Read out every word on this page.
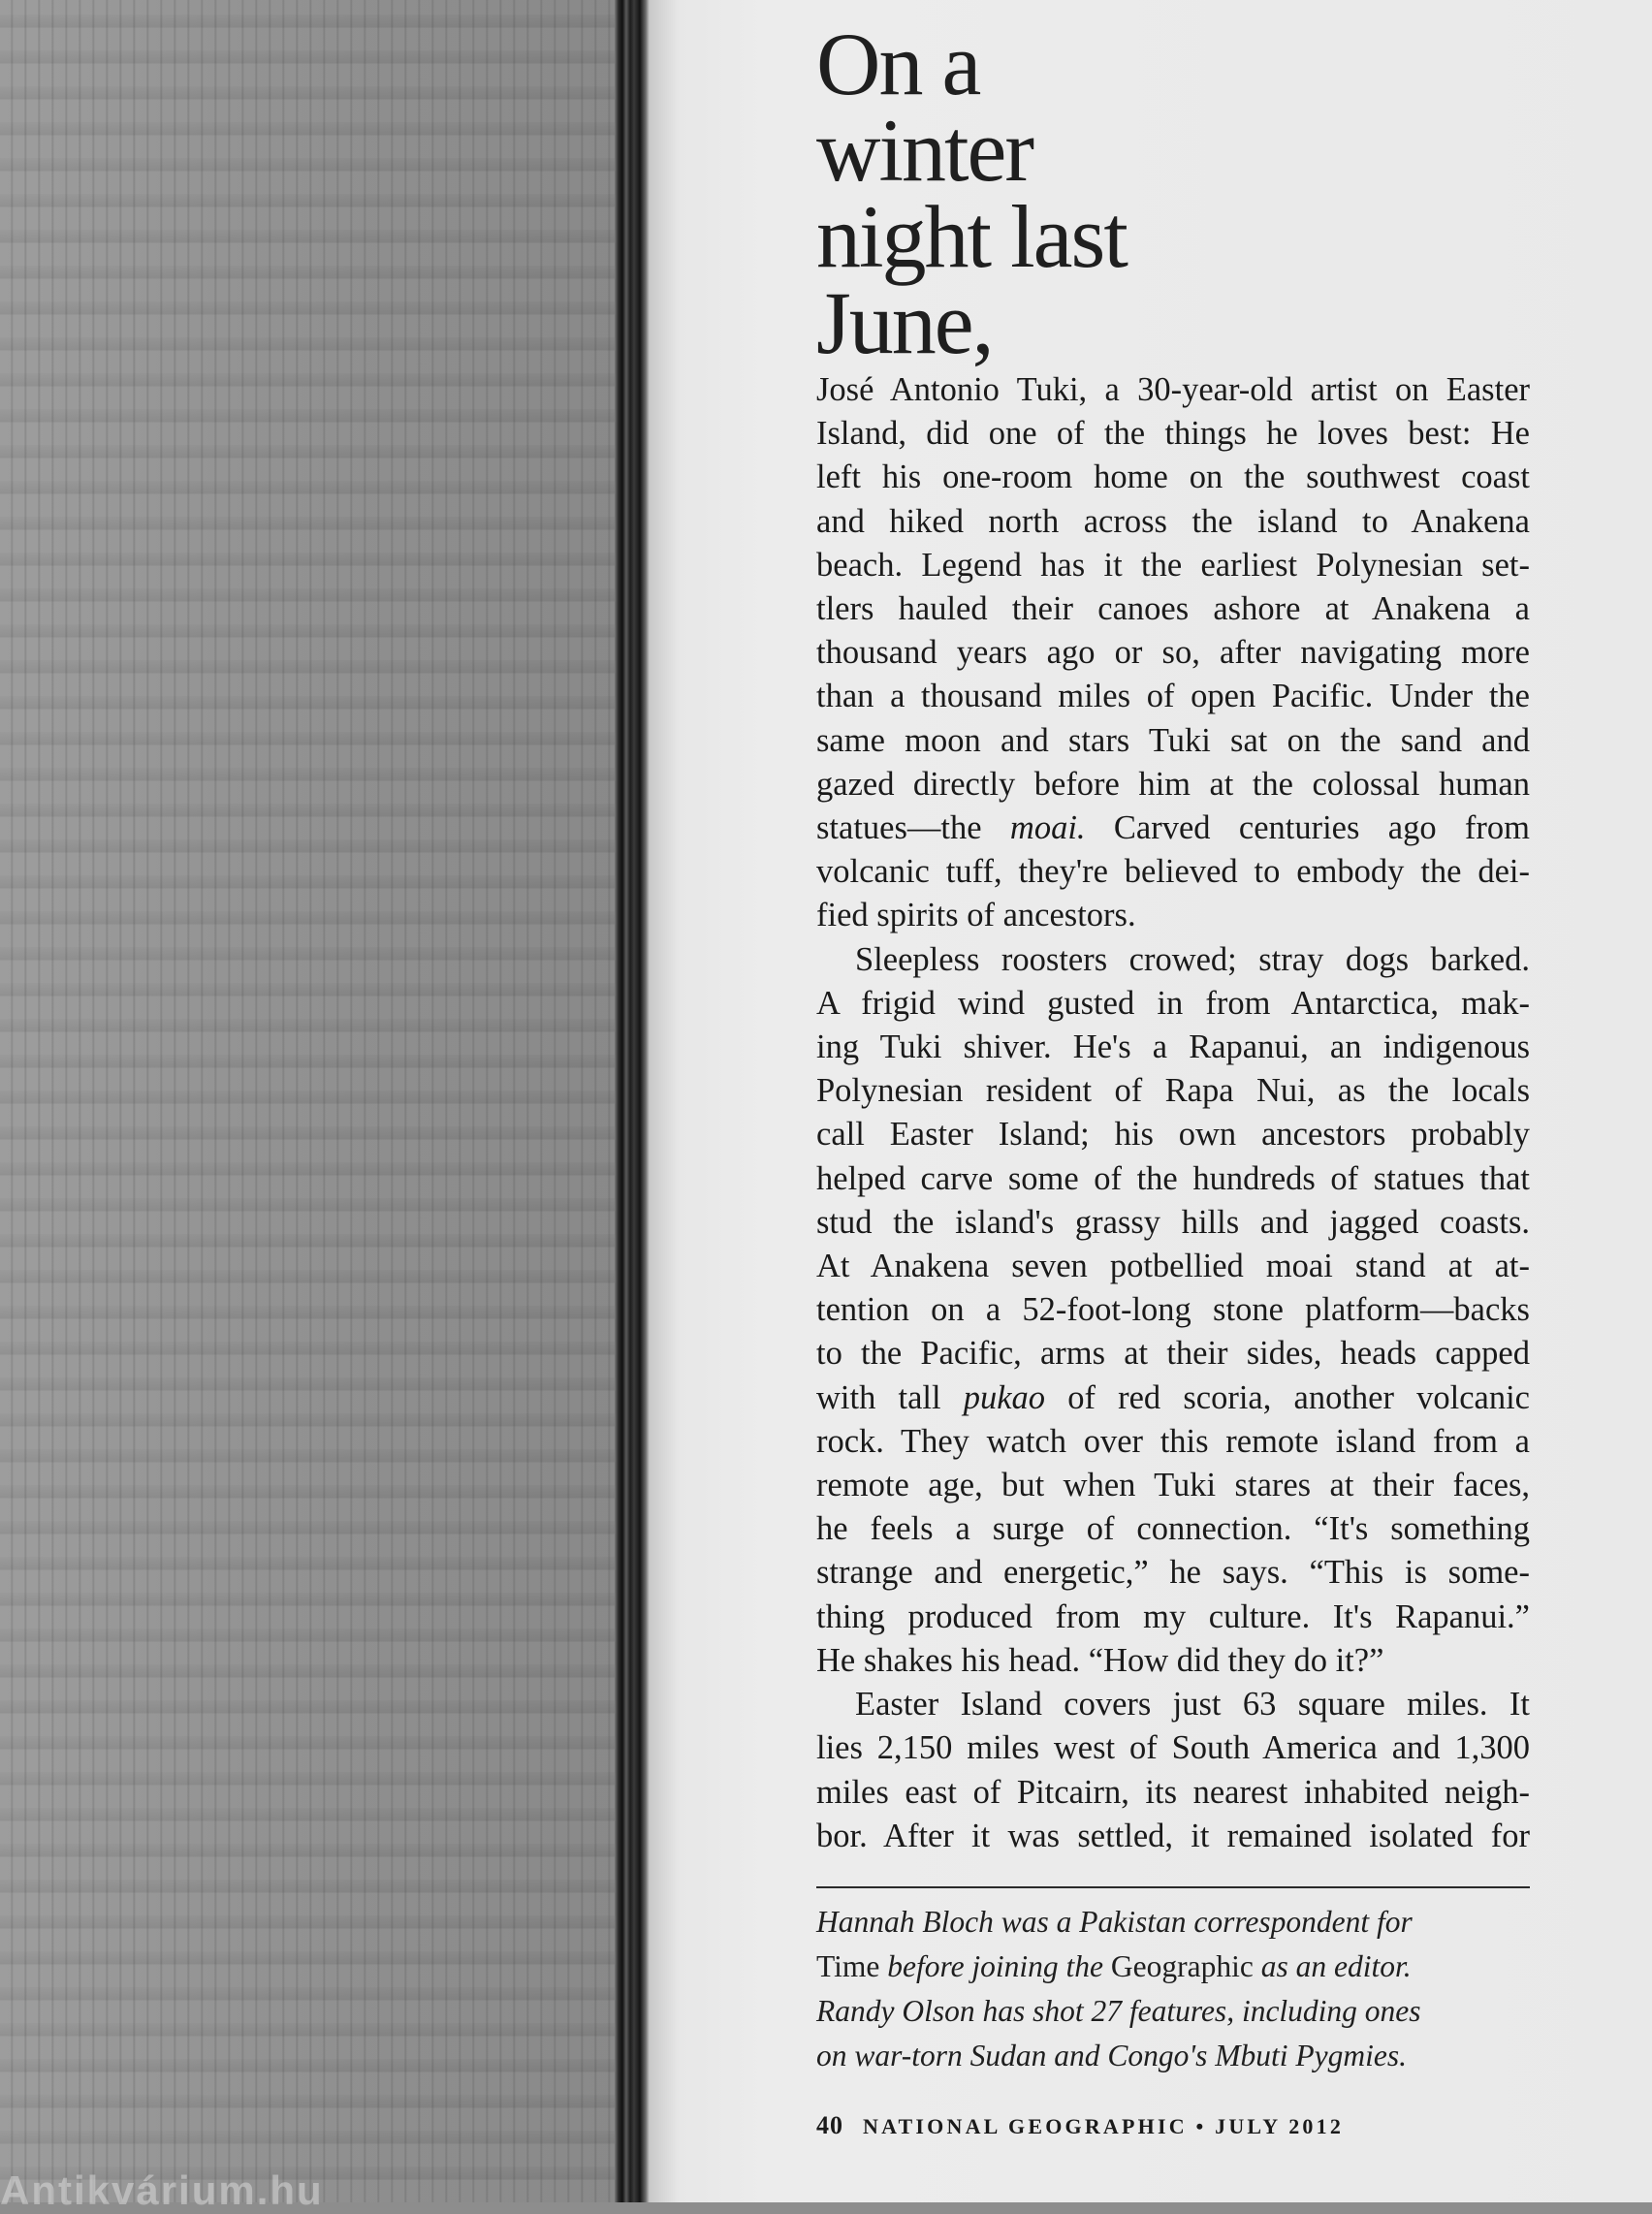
On a
winter
night last
June,

José Antonio Tuki, a 30-year-old artist on Easter
Island, did one of the things he loves best: He
left his one-room home on the southwest coast
and hiked north across the island to Anakena
beach. Legend has it the earliest Polynesian set-
tlers hauled their canoes ashore at Anakena a
thousand years ago or so, after navigating more
than a thousand miles of open Pacific. Under the
same moon and stars Tuki sat on the sand and
gazed directly before him at the colossal human
statues—the moai. Carved centuries ago from
volcanic tuff, they're believed to embody the dei-
fied spirits of ancestors.

Sleepless roosters crowed; stray dogs barked.
A frigid wind gusted in from Antarctica, mak-
ing Tuki shiver. He's a Rapanui, an indigenous
Polynesian resident of Rapa Nui, as the locals
call Easter Island; his own ancestors probably
helped carve some of the hundreds of statues that
stud the island's grassy hills and jagged coasts.
At Anakena seven potbellied moai stand at at-
tention on a 52-foot-long stone platform—backs
to the Pacific, arms at their sides, heads capped
with tall pukao of red scoria, another volcanic
rock. They watch over this remote island from a
remote age, but when Tuki stares at their faces,
he feels a surge of connection. “It's something
strange and energetic,” he says. “This is some-
thing produced from my culture. It's Rapanui.”
He shakes his head. “How did they do it?”

Easter Island covers just 63 square miles. It
lies 2,150 miles west of South America and 1,300
miles east of Pitcairn, its nearest inhabited neigh-
bor. After it was settled, it remained isolated for

Hannah Bloch was a Pakistan correspondent for
Time before joining the Geographic as an editor.
Randy Olson has shot 27 features, including ones
on war-torn Sudan and Congo's Mbuti Pygmies.
40 NATIONAL GEOGRAPHIC • JULY 2012
Antikvárium.hu
